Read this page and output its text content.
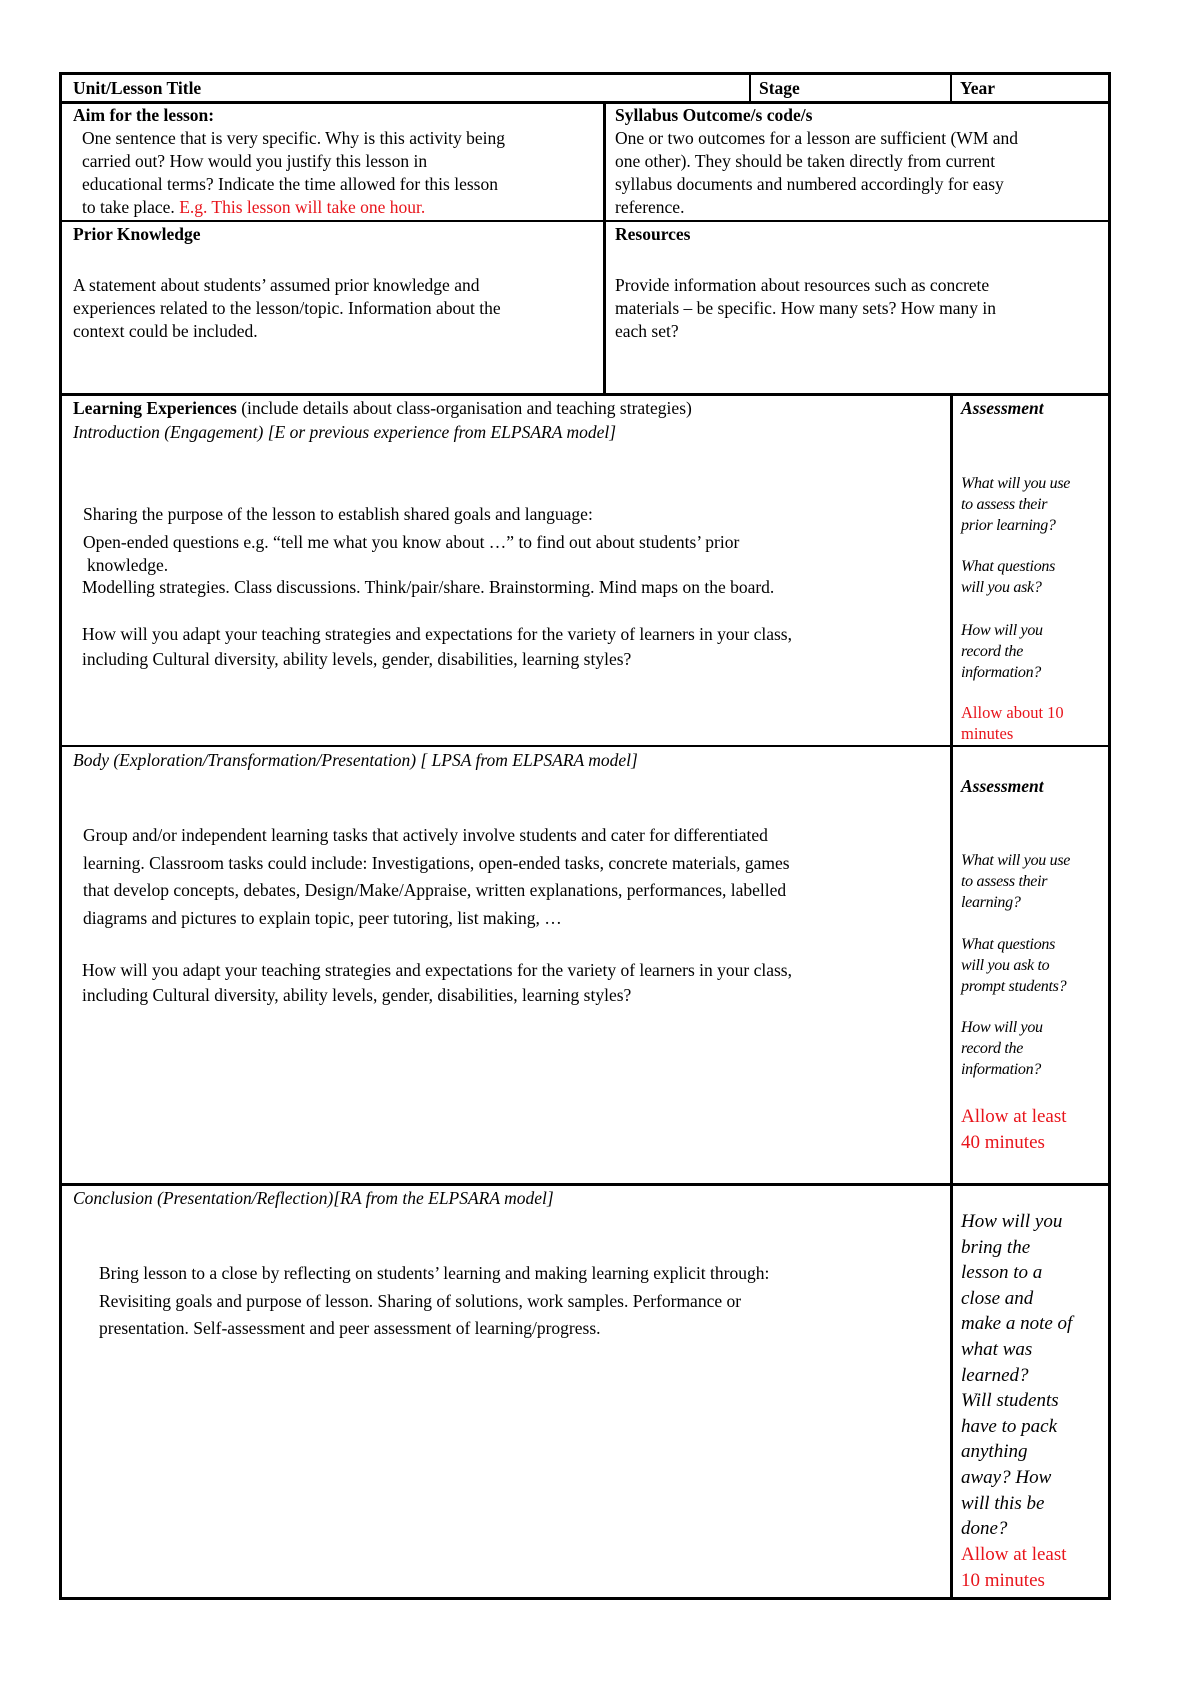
Unit/Lesson Title	Stage	Year
Aim for the lesson:
One sentence that is very specific. Why is this activity being
carried out? How would you justify this lesson in
educational terms? Indicate the time allowed for this lesson
to take place. E.g. This lesson will take one hour.
Syllabus Outcome/s code/s
One or two outcomes for a lesson are sufficient (WM and
one other). They should be taken directly from current
syllabus documents and numbered accordingly for easy
reference.
Prior Knowledge
A statement about students’ assumed prior knowledge and
experiences related to the lesson/topic. Information about the
context could be included.
Resources
Provide information about resources such as concrete
materials – be specific. How many sets? How many in
each set?
Learning Experiences (include details about class-organisation and teaching strategies)
Introduction (Engagement) [E or previous experience from ELPSARA model]
Sharing the purpose of the lesson to establish shared goals and language:
Open-ended questions e.g. “tell me what you know about …” to find out about students’ prior
knowledge.
Modelling strategies. Class discussions. Think/pair/share. Brainstorming. Mind maps on the board.
How will you adapt your teaching strategies and expectations for the variety of learners in your class,
including Cultural diversity, ability levels, gender, disabilities, learning styles?
Assessment
What will you use
to assess their
prior learning?
What questions
will you ask?
How will you
record the
information?
Allow about 10
minutes
Body (Exploration/Transformation/Presentation) [ LPSA from ELPSARA model]
Group and/or independent learning tasks that actively involve students and cater for differentiated
learning. Classroom tasks could include: Investigations, open-ended tasks, concrete materials, games
that develop concepts, debates, Design/Make/Appraise, written explanations, performances, labelled
diagrams and pictures to explain topic, peer tutoring, list making, …
How will you adapt your teaching strategies and expectations for the variety of learners in your class,
including Cultural diversity, ability levels, gender, disabilities, learning styles?
Assessment
What will you use
to assess their
learning?
What questions
will you ask to
prompt students?
How will you
record the
information?
Allow at least
40 minutes
Conclusion (Presentation/Reflection)[RA from the ELPSARA model]
Bring lesson to a close by reflecting on students’ learning and making learning explicit through:
Revisiting goals and purpose of lesson. Sharing of solutions, work samples. Performance or
presentation. Self-assessment and peer assessment of learning/progress.
How will you
bring the
lesson to a
close and
make a note of
what was
learned?
Will students
have to pack
anything
away? How
will this be
done?
Allow at least
10 minutes
